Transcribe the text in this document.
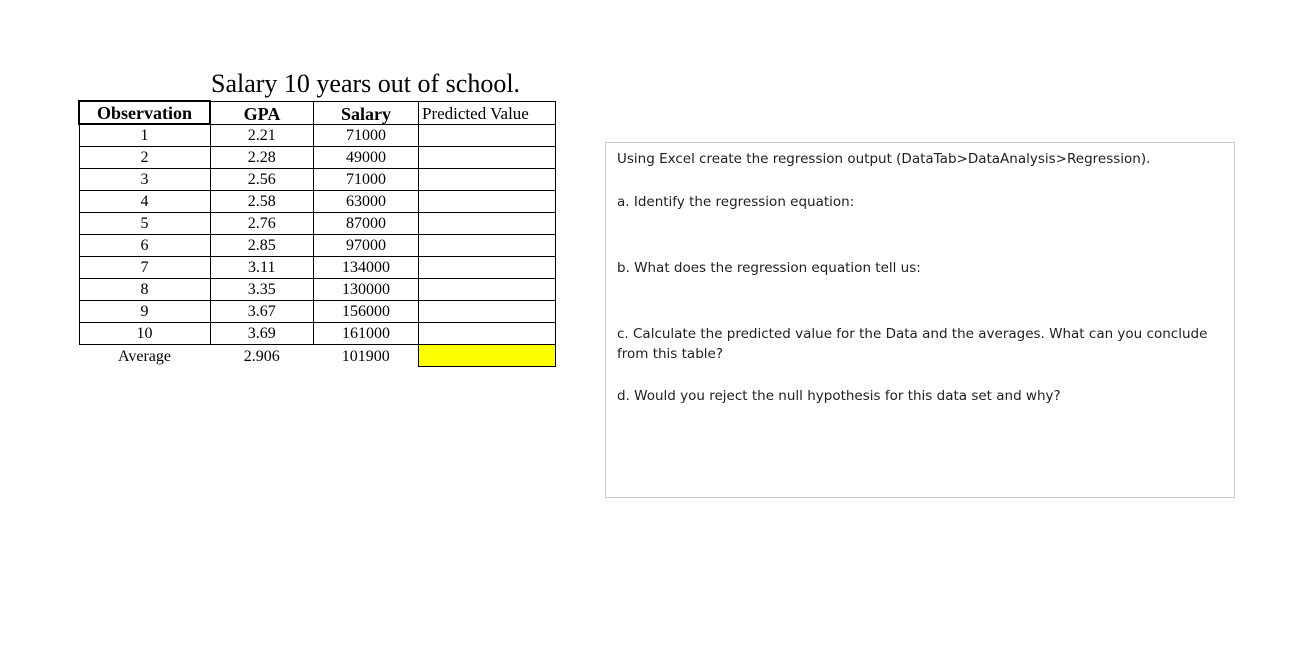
Salary 10 years out of school.
Observation	GPA	Salary	Predicted Value
1	2.21	71000	
2	2.28	49000	
3	2.56	71000	
4	2.58	63000	
5	2.76	87000	
6	2.85	97000	
7	3.11	134000	
8	3.35	130000	
9	3.67	156000	
10	3.69	161000	
Average	2.906	101900	
Using Excel create the regression output (DataTab>DataAnalysis>Regression).
a. Identify the regression equation:
b. What does the regression equation tell us:
c. Calculate the predicted value for the Data and the averages. What can you conclude from this table?
d. Would you reject the null hypothesis for this data set and why?
